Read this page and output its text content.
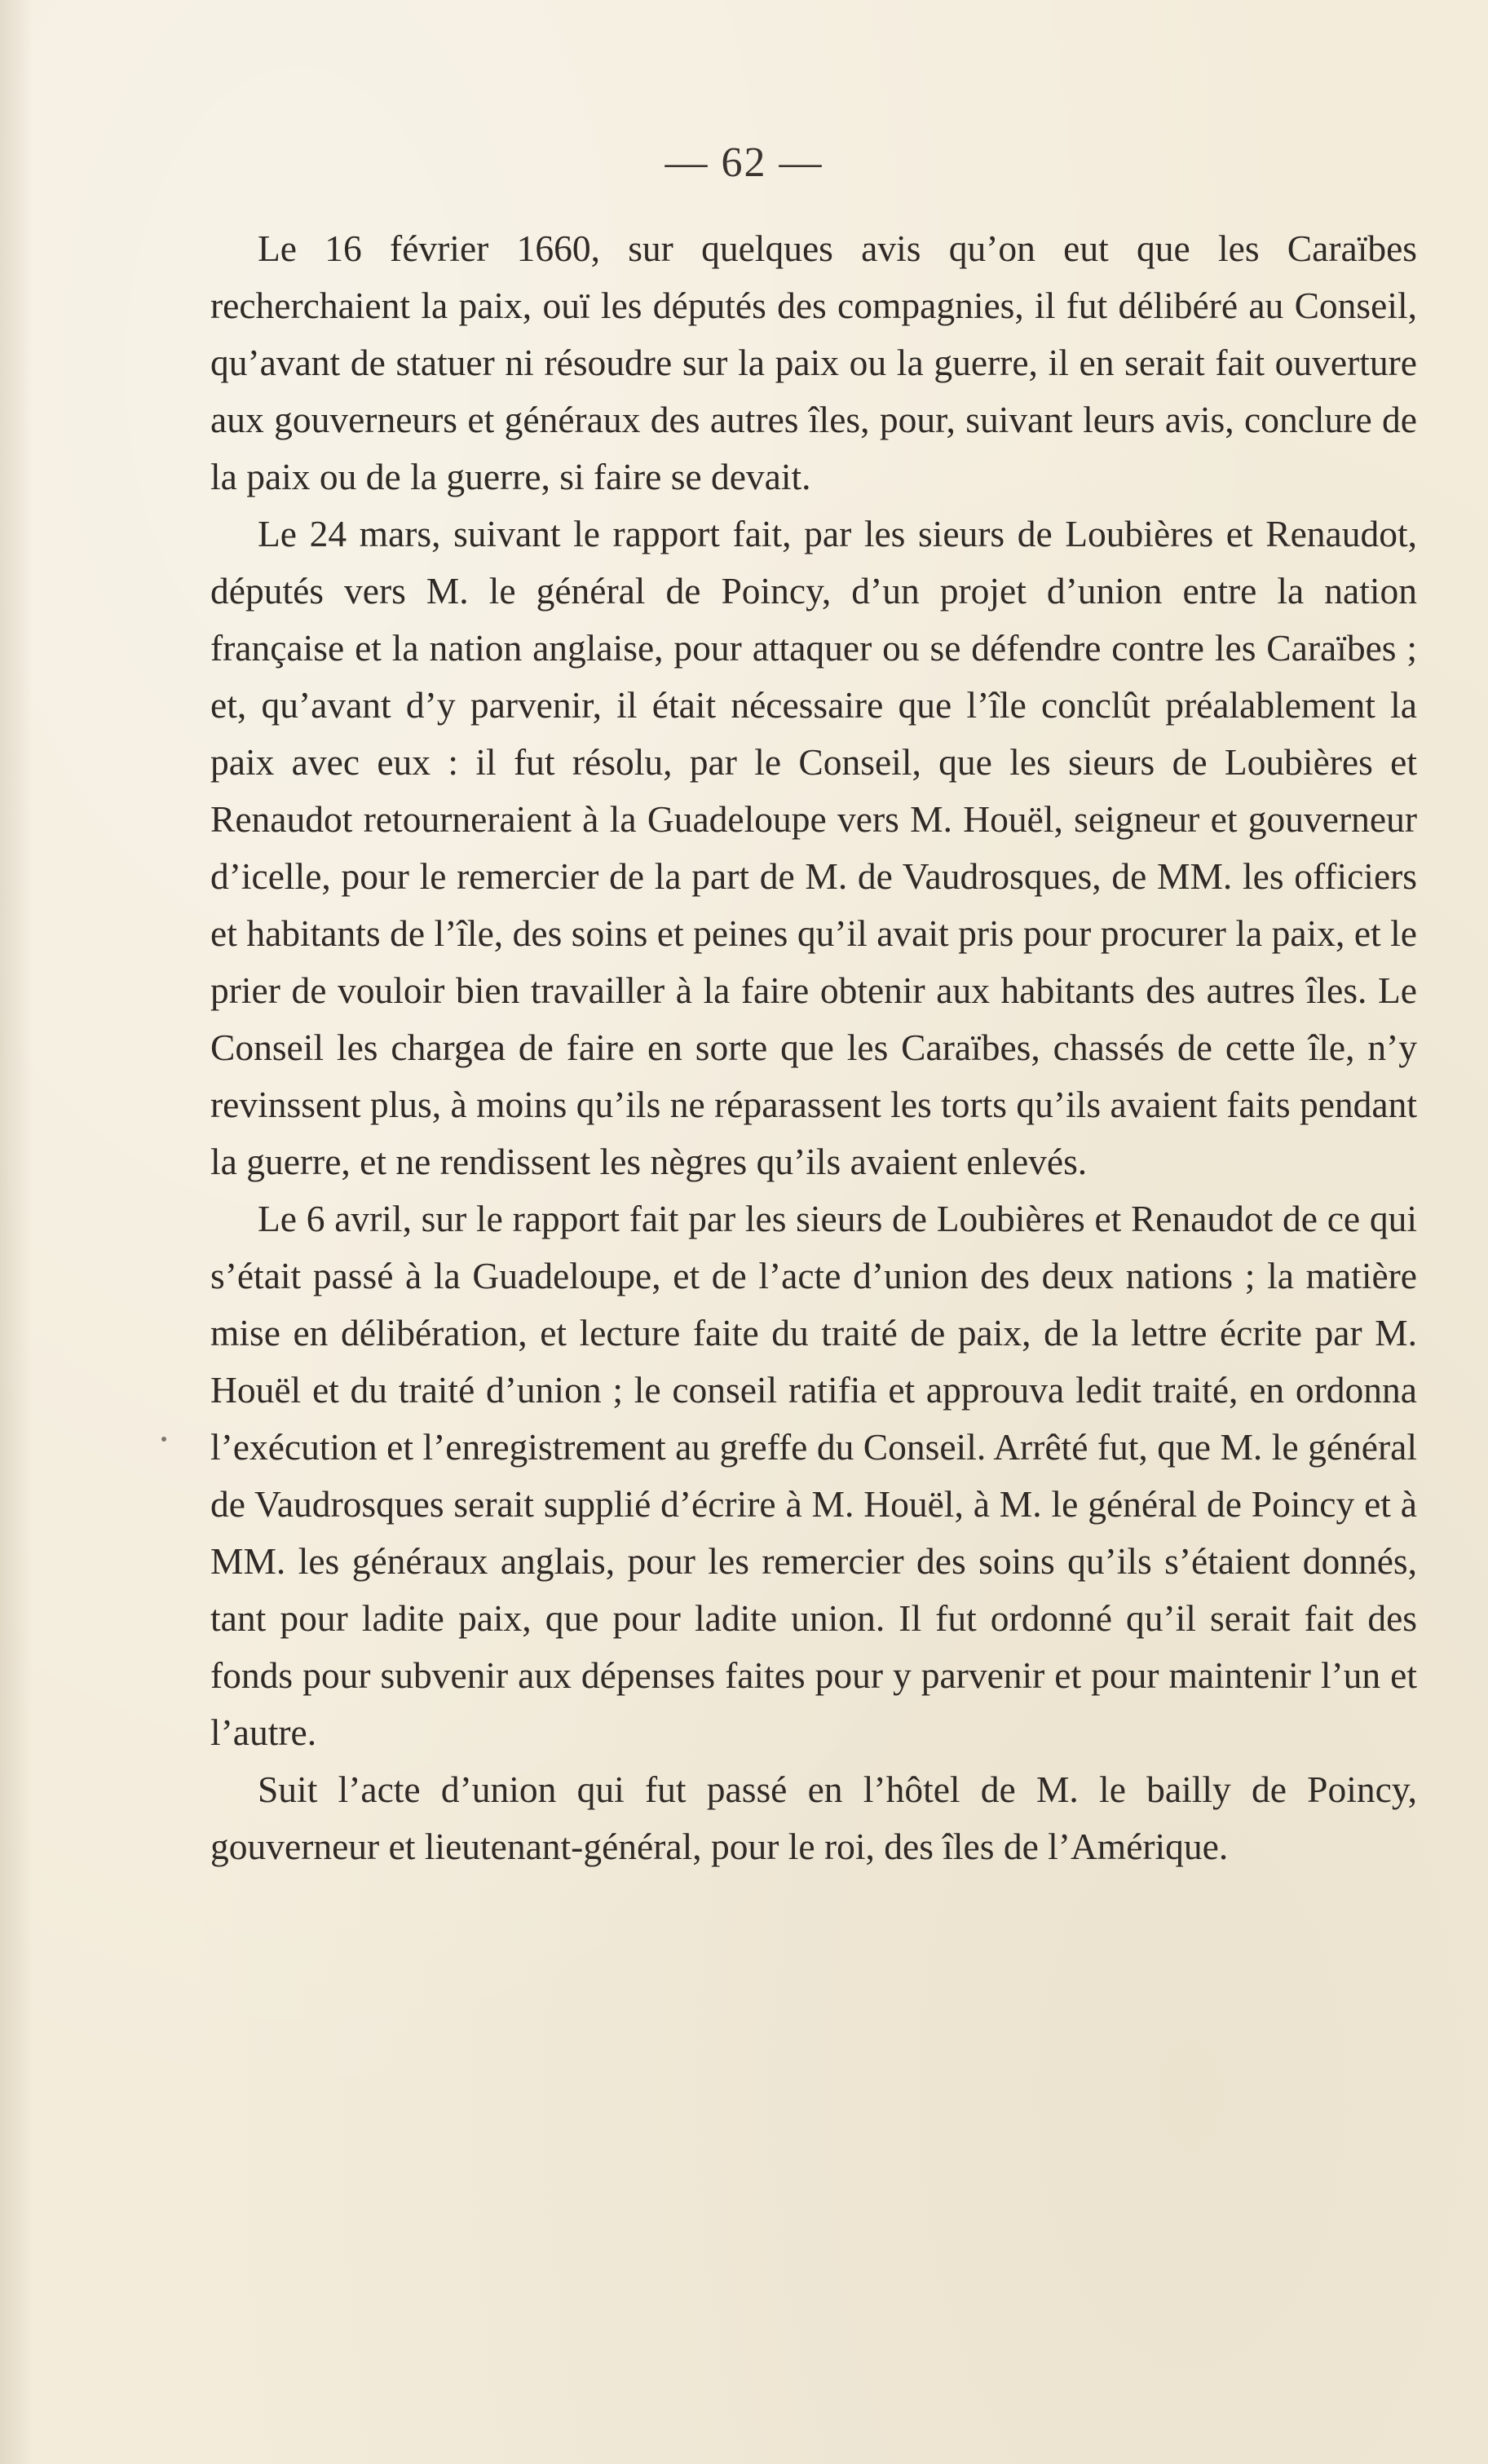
— 62 —

Le 16 février 1660, sur quelques avis qu’on eut que les Caraïbes recherchaient la paix, ouï les députés des compagnies, il fut délibéré au Conseil, qu’avant de statuer ni résoudre sur la paix ou la guerre, il en serait fait ouverture aux gouverneurs et généraux des autres îles, pour, suivant leurs avis, conclure de la paix ou de la guerre, si faire se devait.

Le 24 mars, suivant le rapport fait, par les sieurs de Loubières et Renaudot, députés vers M. le général de Poincy, d’un projet d’union entre la nation française et la nation anglaise, pour attaquer ou se défendre contre les Caraïbes ; et, qu’avant d’y parvenir, il était nécessaire que l’île conclût préalablement la paix avec eux : il fut résolu, par le Conseil, que les sieurs de Loubières et Renaudot retourneraient à la Guadeloupe vers M. Houël, seigneur et gouverneur d’icelle, pour le remercier de la part de M. de Vaudrosques, de MM. les officiers et habitants de l’île, des soins et peines qu’il avait pris pour procurer la paix, et le prier de vouloir bien travailler à la faire obtenir aux habitants des autres îles. Le Conseil les chargea de faire en sorte que les Caraïbes, chassés de cette île, n’y revinssent plus, à moins qu’ils ne réparassent les torts qu’ils avaient faits pendant la guerre, et ne rendissent les nègres qu’ils avaient enlevés.

Le 6 avril, sur le rapport fait par les sieurs de Loubières et Renaudot de ce qui s’était passé à la Guadeloupe, et de l’acte d’union des deux nations ; la matière mise en délibération, et lecture faite du traité de paix, de la lettre écrite par M. Houël et du traité d’union ; le conseil ratifia et approuva ledit traité, en ordonna l’exécution et l’enregistrement au greffe du Conseil. Arrêté fut, que M. le général de Vaudrosques serait supplié d’écrire à M. Houël, à M. le général de Poincy et à MM. les généraux anglais, pour les remercier des soins qu’ils s’étaient donnés, tant pour ladite paix, que pour ladite union. Il fut ordonné qu’il serait fait des fonds pour subvenir aux dépenses faites pour y parvenir et pour maintenir l’un et l’autre.

Suit l’acte d’union qui fut passé en l’hôtel de M. le bailly de Poincy, gouverneur et lieutenant-général, pour le roi, des îles de l’Amérique.
